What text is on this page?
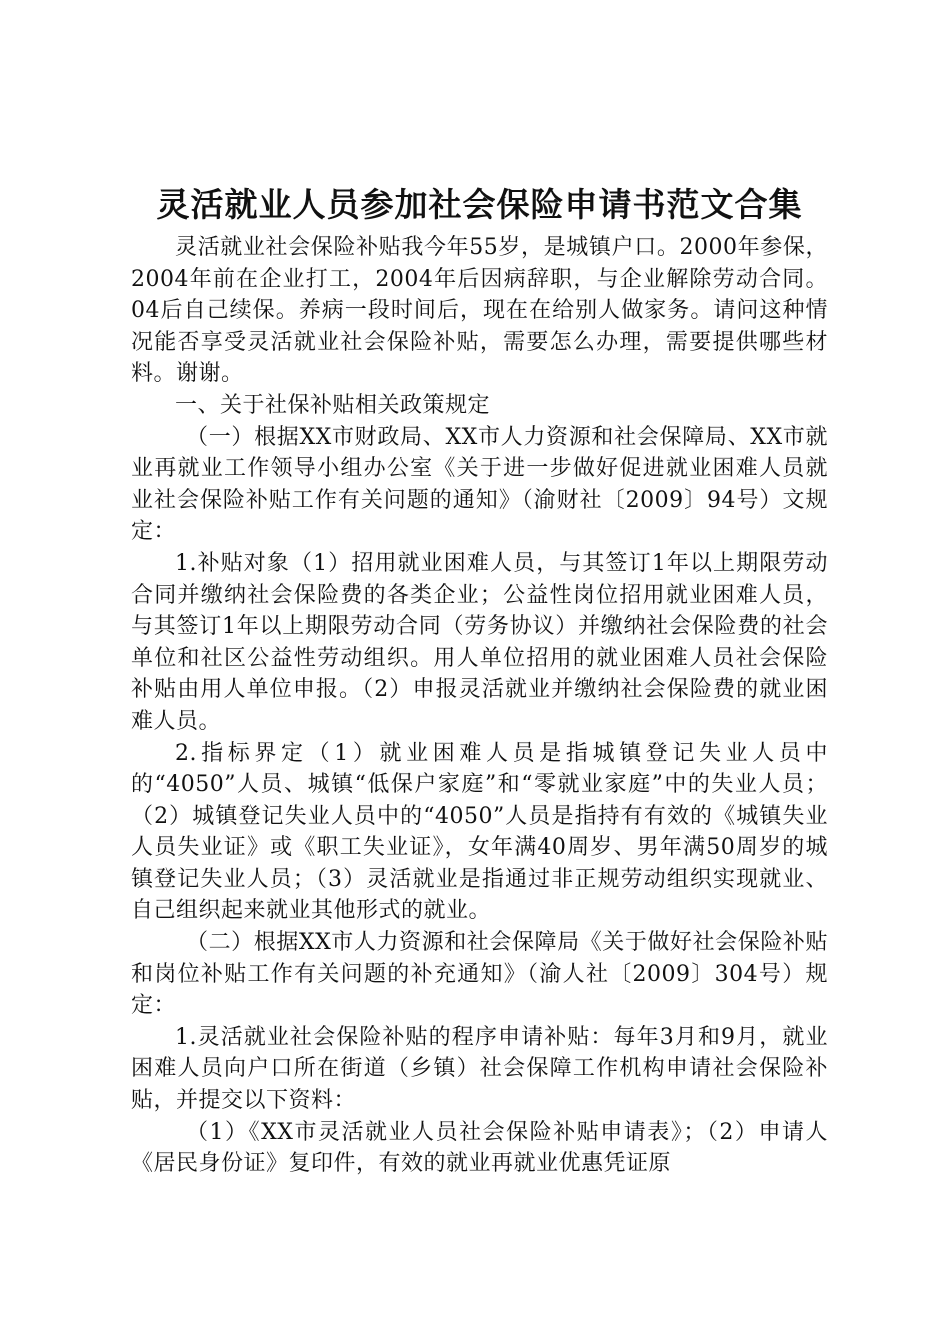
灵活就业人员参加社会保险申请书范文合集

灵活就业社会保险补贴我今年55岁，是城镇户口。2000年参保，2004年前在企业打工，2004年后因病辞职，与企业解除劳动合同。04后自己续保。养病一段时间后，现在在给别人做家务。请问这种情况能否享受灵活就业社会保险补贴，需要怎么办理，需要提供哪些材料。谢谢。

一、关于社保补贴相关政策规定

（一）根据XX市财政局、XX市人力资源和社会保障局、XX市就业再就业工作领导小组办公室《关于进一步做好促进就业困难人员就业社会保险补贴工作有关问题的通知》（渝财社〔2009〕94号）文规定：

1.补贴对象（1）招用就业困难人员，与其签订1年以上期限劳动合同并缴纳社会保险费的各类企业；公益性岗位招用就业困难人员，与其签订1年以上期限劳动合同（劳务协议）并缴纳社会保险费的社会单位和社区公益性劳动组织。用人单位招用的就业困难人员社会保险补贴由用人单位申报。（2）申报灵活就业并缴纳社会保险费的就业困难人员。

2.指标界定（1）就业困难人员是指城镇登记失业人员中的“4050”人员、城镇“低保户家庭”和“零就业家庭”中的失业人员；（2）城镇登记失业人员中的“4050”人员是指持有有效的《城镇失业人员失业证》或《职工失业证》，女年满40周岁、男年满50周岁的城镇登记失业人员；（3）灵活就业是指通过非正规劳动组织实现就业、自己组织起来就业其他形式的就业。

（二）根据XX市人力资源和社会保障局《关于做好社会保险补贴和岗位补贴工作有关问题的补充通知》（渝人社〔2009〕304号）规定：

1.灵活就业社会保险补贴的程序申请补贴：每年3月和9月，就业困难人员向户口所在街道（乡镇）社会保障工作机构申请社会保险补贴，并提交以下资料：

（1）《XX市灵活就业人员社会保险补贴申请表》；（2）申请人《居民身份证》复印件，有效的就业再就业优惠凭证原
